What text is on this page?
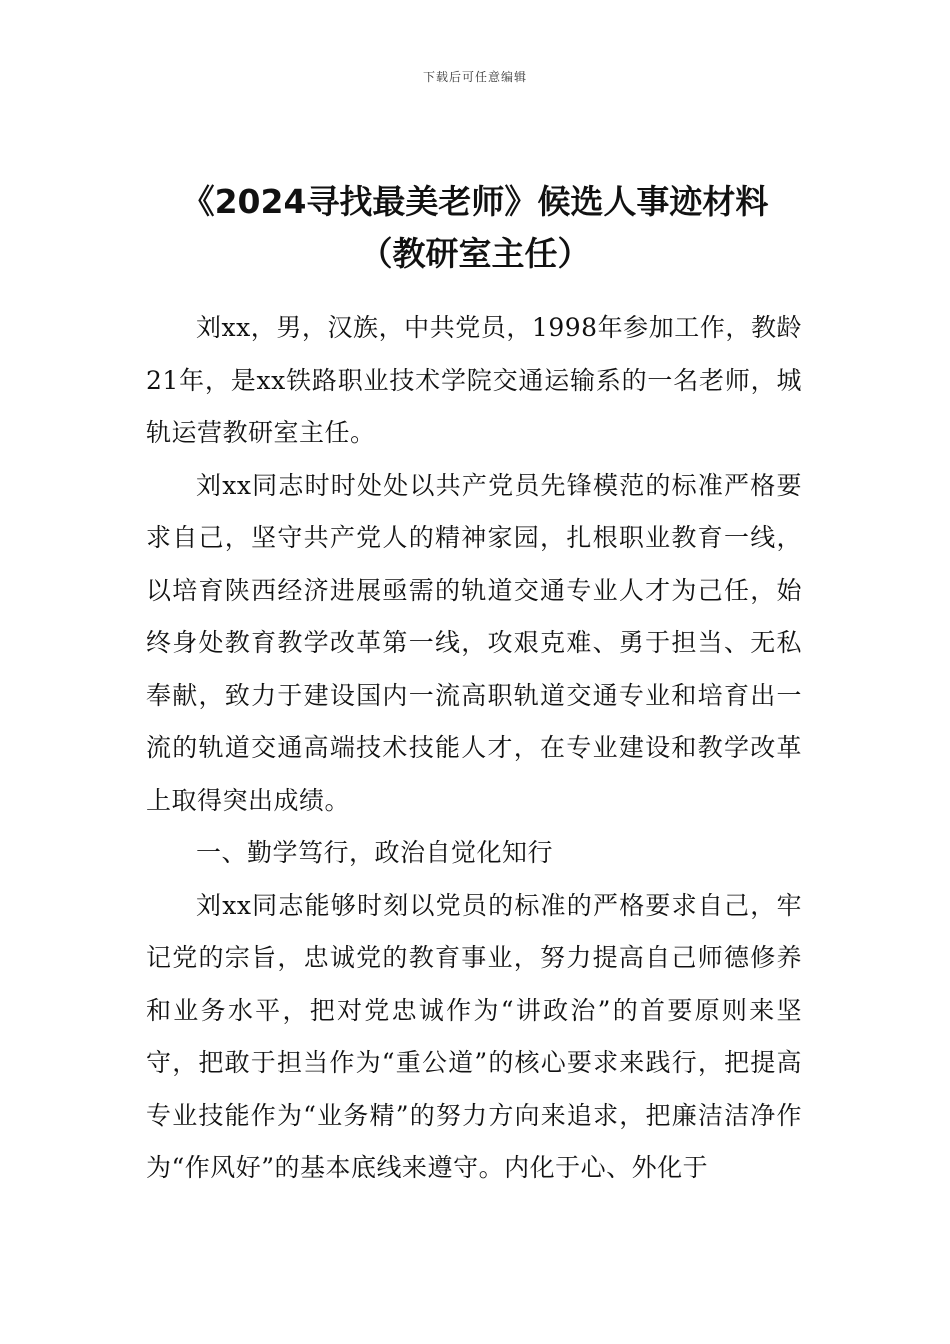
下载后可任意编辑
《2024寻找最美老师》候选人事迹材料
（教研室主任）

刘xx，男，汉族，中共党员，1998年参加工作，教龄21年，是xx铁路职业技术学院交通运输系的一名老师，城轨运营教研室主任。

刘xx同志时时处处以共产党员先锋模范的标准严格要求自己，坚守共产党人的精神家园，扎根职业教育一线，以培育陕西经济进展亟需的轨道交通专业人才为己任，始终身处教育教学改革第一线，攻艰克难、勇于担当、无私奉献，致力于建设国内一流高职轨道交通专业和培育出一流的轨道交通高端技术技能人才，在专业建设和教学改革上取得突出成绩。

一、勤学笃行，政治自觉化知行

刘xx同志能够时刻以党员的标准的严格要求自己，牢记党的宗旨，忠诚党的教育事业，努力提高自己师德修养和业务水平，把对党忠诚作为“讲政治”的首要原则来坚守，把敢于担当作为“重公道”的核心要求来践行，把提高专业技能作为“业务精”的努力方向来追求，把廉洁洁净作为“作风好”的基本底线来遵守。内化于心、外化于
